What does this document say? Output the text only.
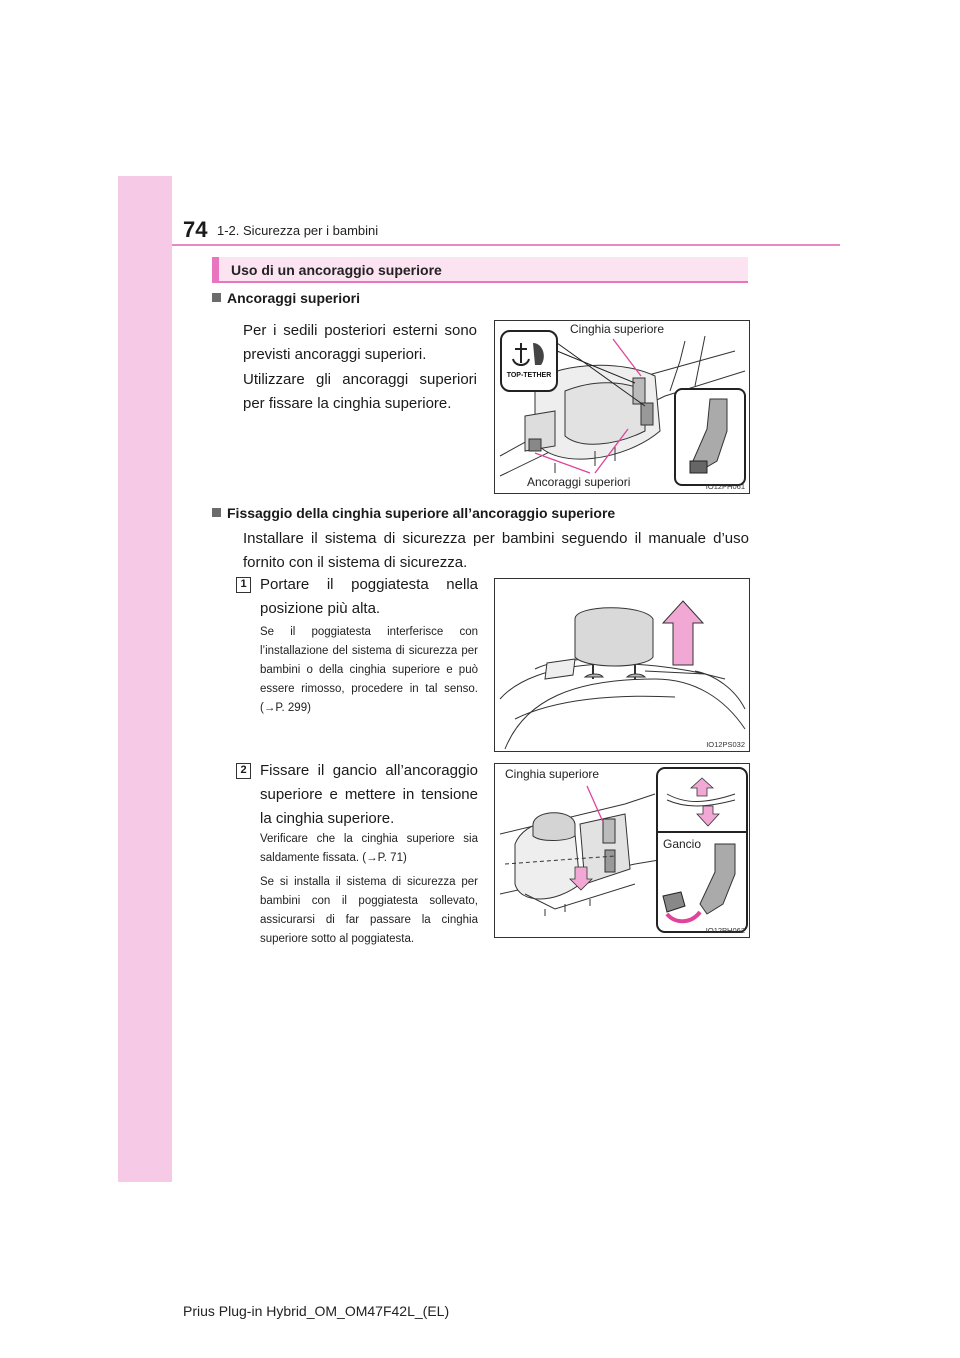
74 1-2. Sicurezza per i bambini
Uso di un ancoraggio superiore
Ancoraggi superiori
Per i sedili posteriori esterni sono previsti ancoraggi superiori.
Utilizzare gli ancoraggi superiori per fissare la cinghia superiore.
TOP-TETHER
Cinghia superiore
Ancoraggi superiori	IO12PH061
Fissaggio della cinghia superiore all’ancoraggio superiore
Installare il sistema di sicurezza per bambini seguendo il manuale d’uso fornito con il sistema di sicurezza.
1 Portare il poggiatesta nella posizione più alta.
Se il poggiatesta interferisce con l’installazione del sistema di sicurezza per bambini o della cinghia superiore e può essere rimosso, procedere in tal senso. (→P. 299)
IO12PS032
2 Fissare il gancio all’ancoraggio superiore e mettere in tensione la cinghia superiore.
Verificare che la cinghia superiore sia saldamente fissata. (→P. 71)
Se si installa il sistema di sicurezza per bambini con il poggiatesta sollevato, assicurarsi di far passare la cinghia superiore sotto al poggiatesta.
Cinghia superiore
Gancio
IO12PH062
Prius Plug-in Hybrid_OM_OM47F42L_(EL)
